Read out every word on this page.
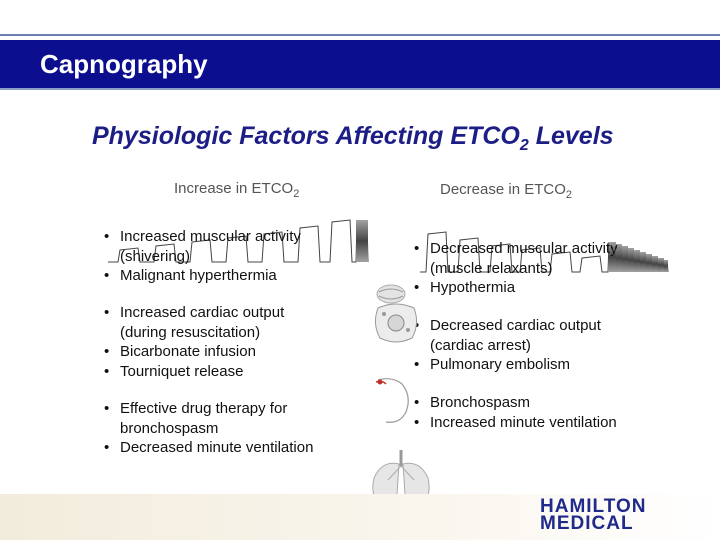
Capnography
Physiologic Factors Affecting $ETCO_2$ Levels
Increase in $ETCO_2$	Decrease in $ETCO_2$
• Increased muscular activity (shivering)
• Malignant hyperthermia
• Increased cardiac output (during resuscitation)
• Bicarbonate infusion
• Tourniquet release
• Effective drug therapy for bronchospasm
• Decreased minute ventilation
• Decreased muscular activity (muscle relaxants)
• Hypothermia
• Decreased cardiac output (cardiac arrest)
• Pulmonary embolism
• Bronchospasm
• Increased minute ventilation
HAMILTON
MEDICAL
